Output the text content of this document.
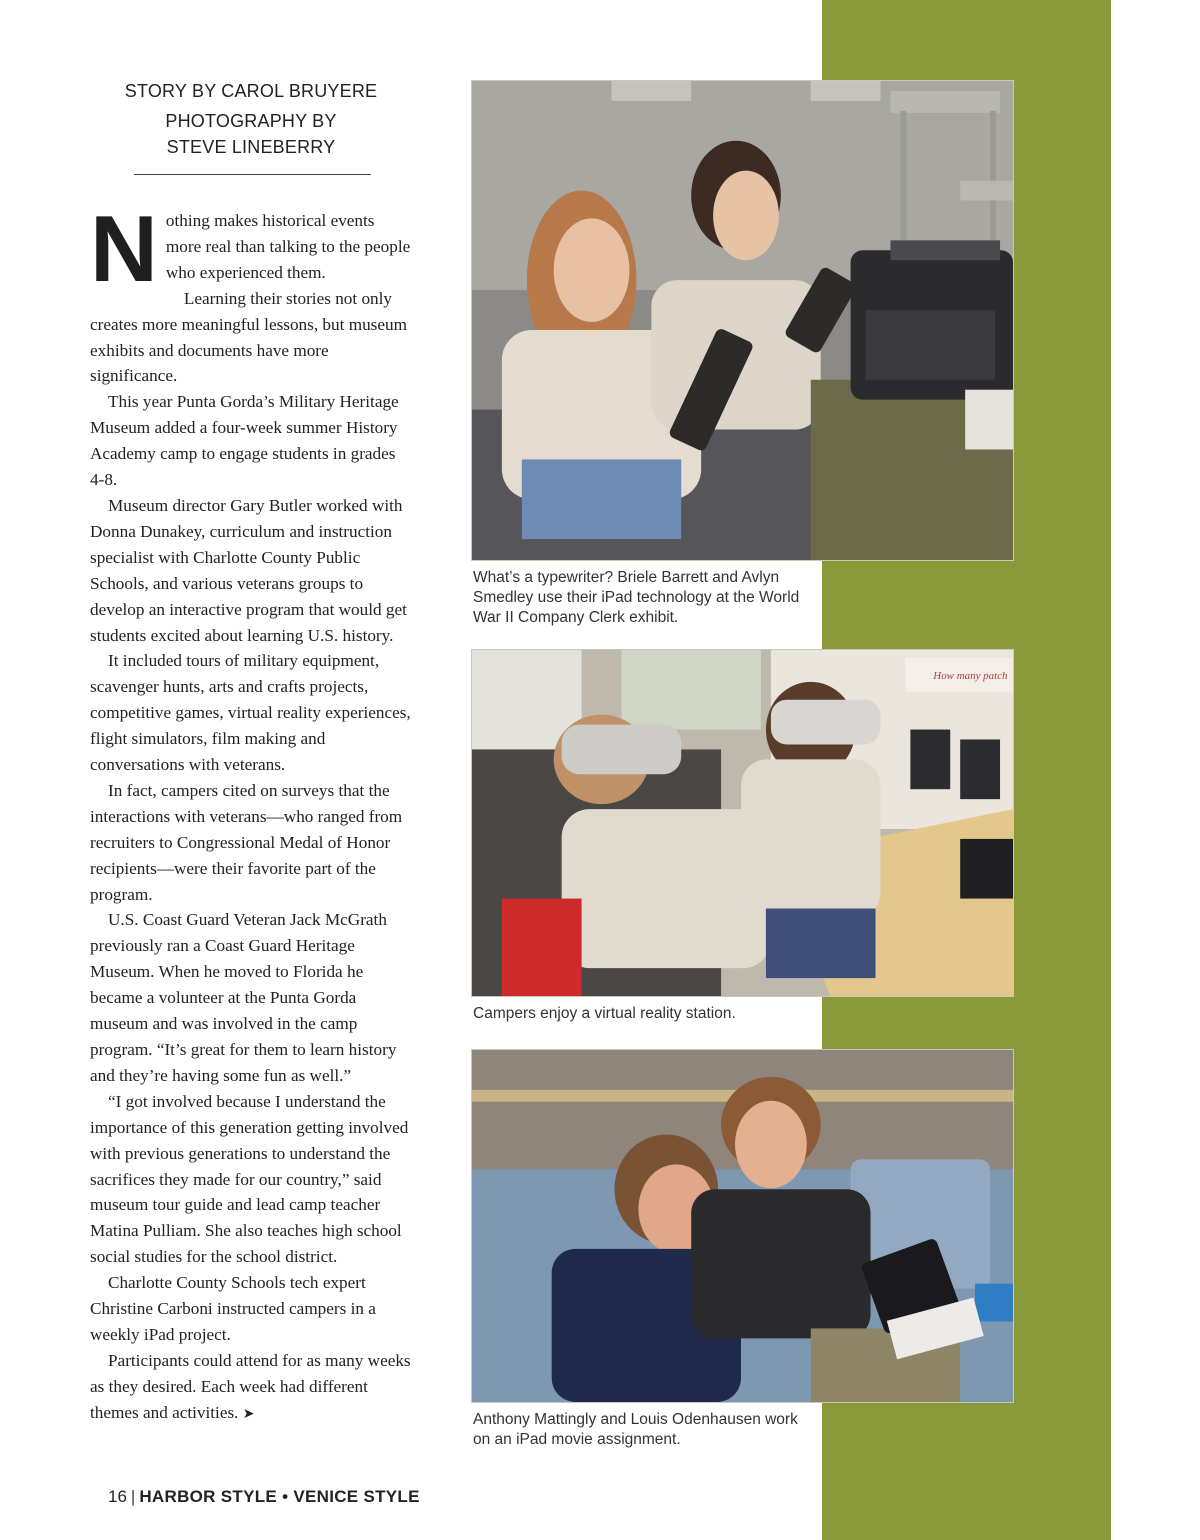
STORY BY CAROL BRUYERE
PHOTOGRAPHY BY
STEVE LINEBERRY

Nothing makes historical events more real than talking to the people who experienced them.

Learning their stories not only creates more meaningful lessons, but museum exhibits and documents have more significance.

This year Punta Gorda’s Military Heritage Museum added a four-week summer History Academy camp to engage students in grades 4-8.

Museum director Gary Butler worked with Donna Dunakey, curriculum and instruction specialist with Charlotte County Public Schools, and various veterans groups to develop an interactive program that would get students excited about learning U.S. history.

It included tours of military equipment, scavenger hunts, arts and crafts projects, competitive games, virtual reality experiences, flight simulators, film making and conversations with veterans.

In fact, campers cited on surveys that the interactions with veterans—who ranged from recruiters to Congressional Medal of Honor recipients—were their favorite part of the program.

U.S. Coast Guard Veteran Jack McGrath previously ran a Coast Guard Heritage Museum. When he moved to Florida he became a volunteer at the Punta Gorda museum and was involved in the camp program. “It’s great for them to learn history and they’re having some fun as well.”

“I got involved because I understand the importance of this generation getting involved with previous generations to understand the sacrifices they made for our country,” said museum tour guide and lead camp teacher Matina Pulliam. She also teaches high school social studies for the school district.

Charlotte County Schools tech expert Christine Carboni instructed campers in a weekly iPad project.

Participants could attend for as many weeks as they desired. Each week had different themes and activities. ➤

What’s a typewriter? Briele Barrett and Avlyn Smedley use their iPad technology at the World War II Company Clerk exhibit.
How many patch
Campers enjoy a virtual reality station.
Anthony Mattingly and Louis Odenhausen work on an iPad movie assignment.
16 | HARBOR STYLE • VENICE STYLE
